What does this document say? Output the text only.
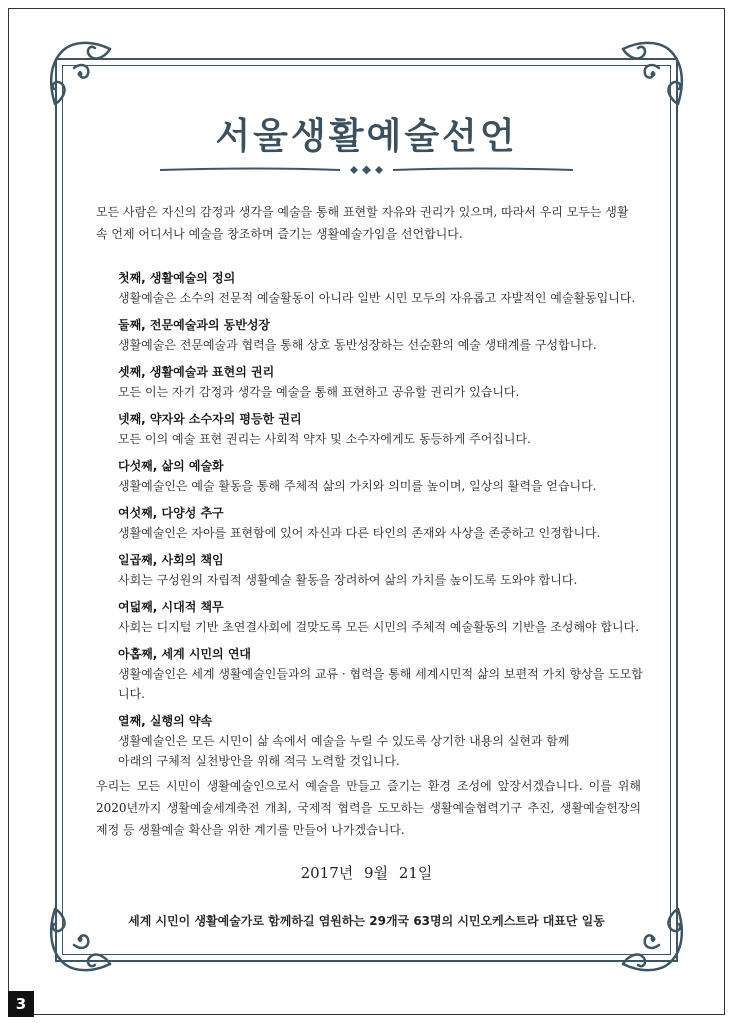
서울생활예술선언
모든 사람은 자신의 감정과 생각을 예술을 통해 표현할 자유와 권리가 있으며, 따라서 우리 모두는 생활 속 언제 어디서나 예술을 창조하며 즐기는 생활예술가임을 선언합니다.
첫째, 생활예술의 정의
생활예술은 소수의 전문적 예술활동이 아니라 일반 시민 모두의 자유롭고 자발적인 예술활동입니다.
둘째, 전문예술과의 동반성장
생활예술은 전문예술과 협력을 통해 상호 동반성장하는 선순환의 예술 생태계를 구성합니다.
셋째, 생활예술과 표현의 권리
모든 이는 자기 감정과 생각을 예술을 통해 표현하고 공유할 권리가 있습니다.
넷째, 약자와 소수자의 평등한 권리
모든 이의 예술 표현 권리는 사회적 약자 및 소수자에게도 동등하게 주어집니다.
다섯째, 삶의 예술화
생활예술인은 예술 활동을 통해 주체적 삶의 가치와 의미를 높이며, 일상의 활력을 얻습니다.
여섯째, 다양성 추구
생활예술인은 자아를 표현함에 있어 자신과 다른 타인의 존재와 사상을 존중하고 인정합니다.
일곱째, 사회의 책임
사회는 구성원의 자립적 생활예술 활동을 장려하여 삶의 가치를 높이도록 도와야 합니다.
여덟째, 시대적 책무
사회는 디지털 기반 초연결사회에 걸맞도록 모든 시민의 주체적 예술활동의 기반을 조성해야 합니다.
아홉째, 세계 시민의 연대
생활예술인은 세계 생활예술인들과의 교류 · 협력을 통해 세계시민적 삶의 보편적 가치 향상을 도모합니다.
열째, 실행의 약속
생활예술인은 모든 시민이 삶 속에서 예술을 누릴 수 있도록 상기한 내용의 실현과 함께
아래의 구체적 실천방안을 위해 적극 노력할 것입니다.
우리는 모든 시민이 생활예술인으로서 예술을 만들고 즐기는 환경 조성에 앞장서겠습니다. 이를 위해 2020년까지 생활예술세계축전 개최, 국제적 협력을 도모하는 생활예술협력기구 추진, 생활예술헌장의 제정 등 생활예술 확산을 위한 계기를 만들어 나가겠습니다.
2017년 9월 21일
세계 시민이 생활예술가로 함께하길 염원하는 29개국 63명의 시민오케스트라 대표단 일동
3
